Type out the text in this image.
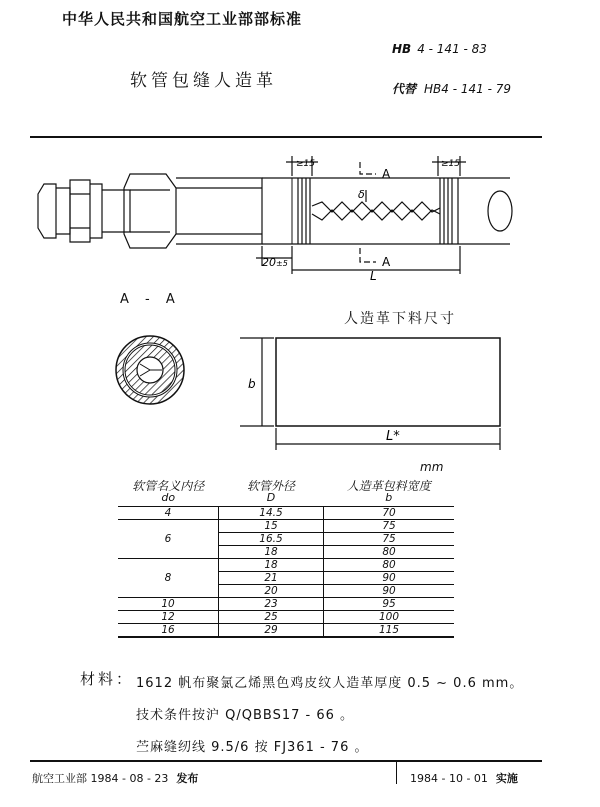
中华人民共和国航空工业部部标准
HB 4 - 141 - 83
软管包缝人造革	代替 HB4 - 141 - 79
≥15	≥15
A
A
δ
20±5
L
A - A
人造革下料尺寸
b
L*
mm
软管名义内径	软管外径	人造革包料宽度
do	D	b
4	14.5	70
	15	75
6	16.5	75
	18	80
	18	80
8	21	90
	20	90
10	23	95
12	25	100
16	29	115
材料： 1612 帆布聚氯乙烯黑色鸡皮纹人造革厚度 0.5 ~ 0.6 mm。
技术条件按沪 Q/QBBS17 - 66 。
苎麻缝纫线 9.5/6 按 FJ361 - 76 。
航空工业部 1984 - 08 - 23 发布	1984 - 10 - 01 实施
